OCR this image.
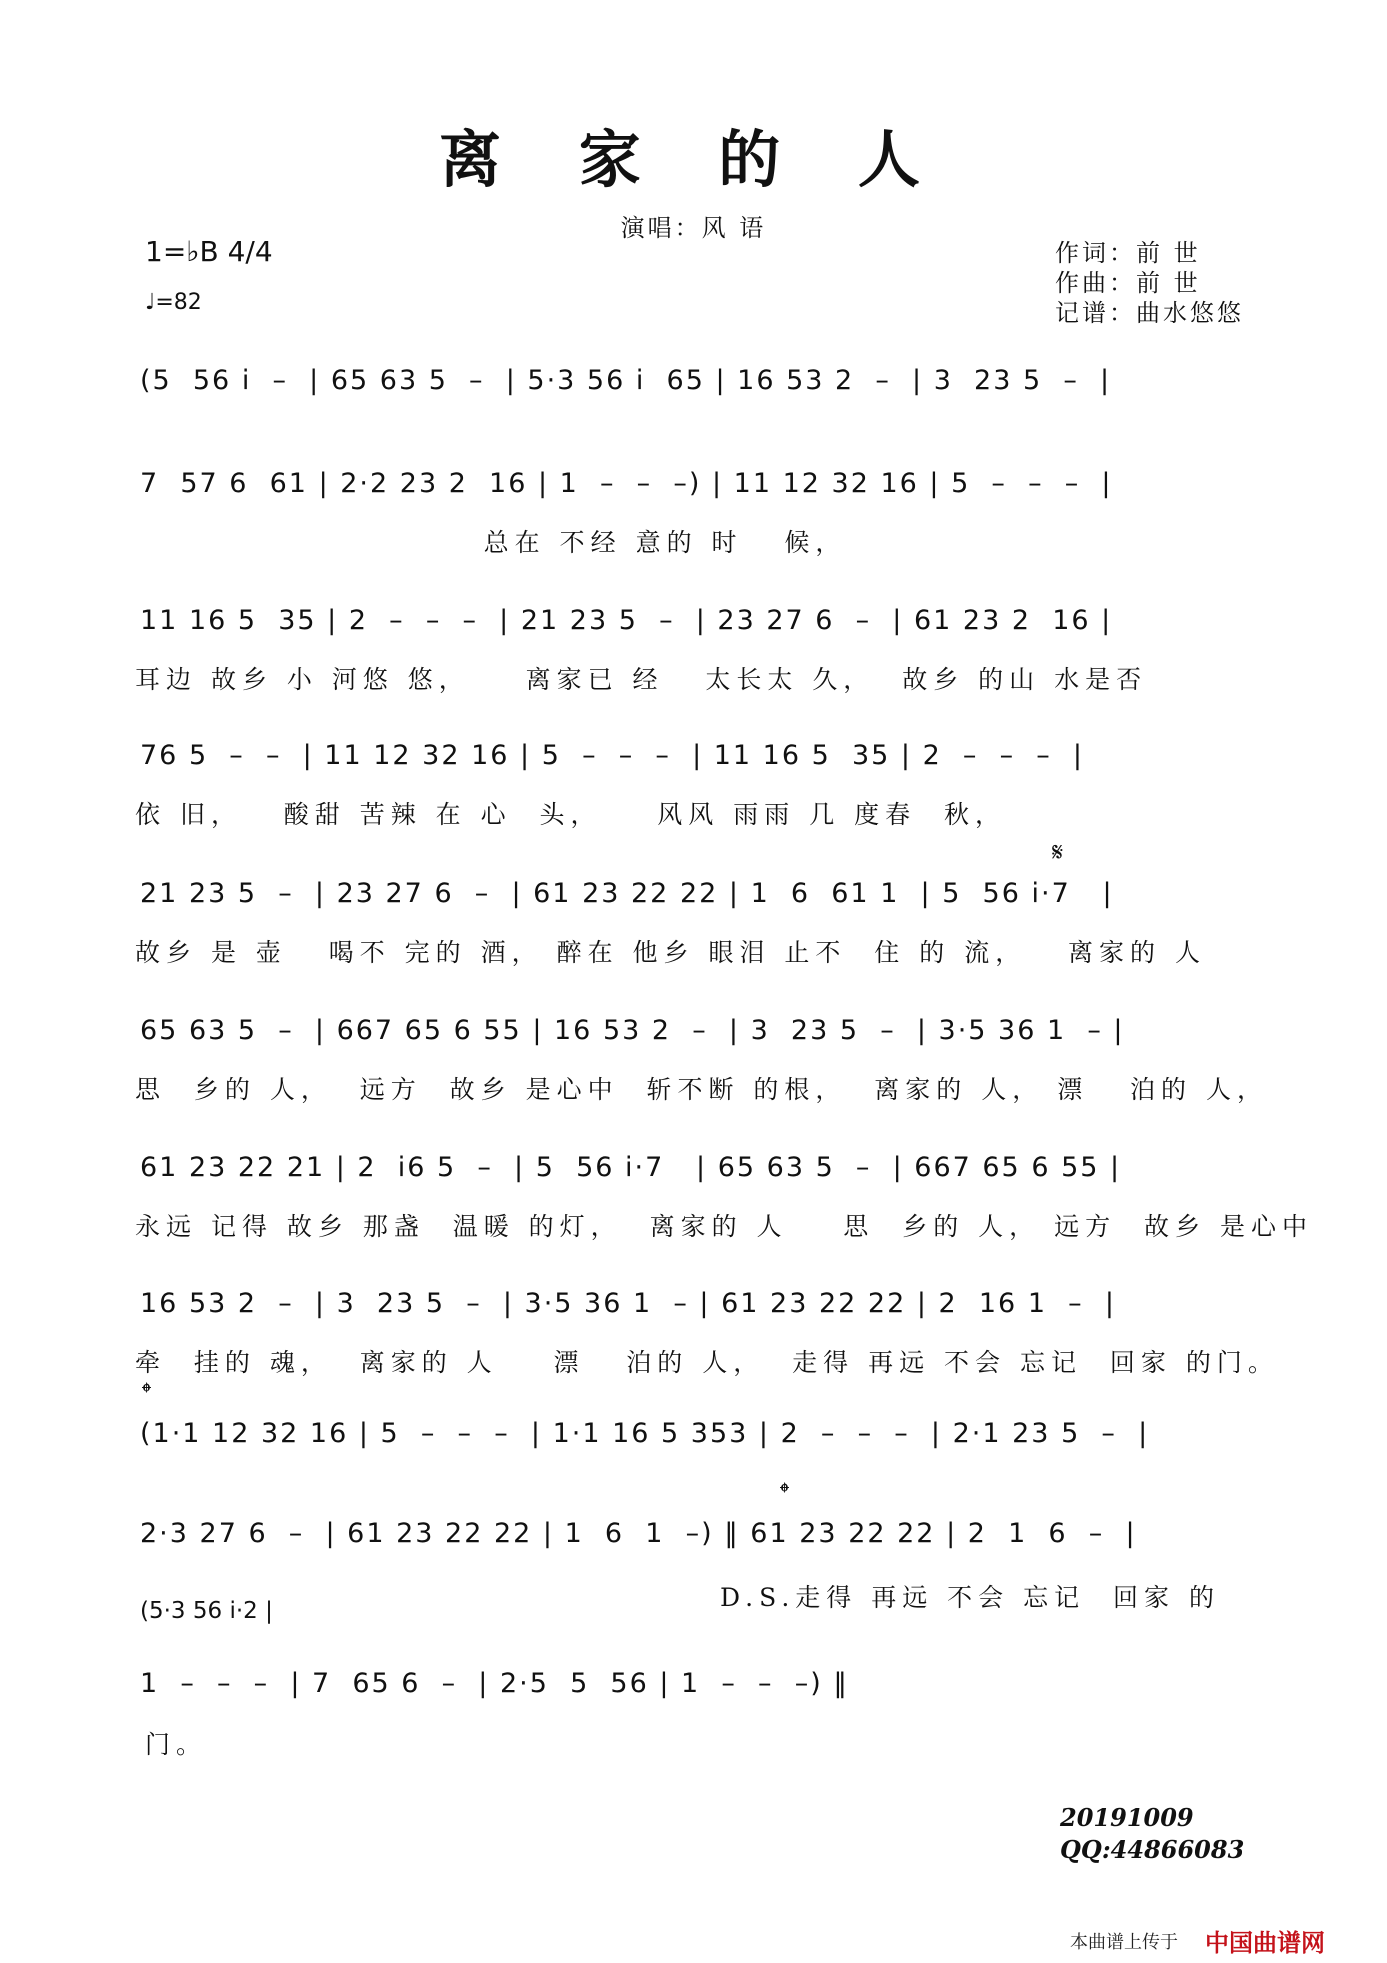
离 家 的 人
演唱：风 语
1=♭B 4/4
♩=82
作词：前 世
作曲：前 世
记谱：曲水悠悠
(5  56 i  –  | 65 63 5  –  | 5·3 56 i  65 | 16 53 2  –  | 3  23 5  –  |
7  57 6  61 | 2·2 23 2  16 | 1  –  –  –) | 11 12 32 16 | 5  –  –  –  |
总在 不经 意的 时   候，
11 16 5  35 | 2  –  –  –  | 21 23 5  –  | 23 27 6  –  | 61 23 2  16 |
耳边 故乡 小 河悠 悠，    离家已 经   太长太 久，  故乡 的山 水是否
76 5  –  –  | 11 12 32 16 | 5  –  –  –  | 11 16 5  35 | 2  –  –  –  |
依 旧，   酸甜 苦辣 在 心  头，    风风 雨雨 几 度春  秋，
𝄋
21 23 5  –  | 23 27 6  –  | 61 23 22 22 | 1  6  61 1  | 5  56 i·7   |
故乡 是 壶   喝不 完的 酒， 醉在 他乡 眼泪 止不  住 的 流，   离家的 人
65 63 5  –  | 667 65 6 55 | 16 53 2  –  | 3  23 5  –  | 3·5 36 1  – |
思  乡的 人，  远方  故乡 是心中  斩不断 的根，  离家的 人， 漂   泊的 人，
61 23 22 21 | 2  i6 5  –  | 5  56 i·7   | 65 63 5  –  | 667 65 6 55 |
永远 记得 故乡 那盏  温暖 的灯，  离家的 人    思  乡的 人， 远方  故乡 是心中
16 53 2  –  | 3  23 5  –  | 3·5 36 1  – | 61 23 22 22 | 2  16 1  –  |
牵  挂的 魂，  离家的 人    漂   泊的 人，  走得 再远 不会 忘记  回家 的门。
𝄌
(1·1 12 32 16 | 5  –  –  –  | 1·1 16 5 353 | 2  –  –  –  | 2·1 23 5  –  |
𝄌
2·3 27 6  –  | 61 23 22 22 | 1  6  1  –) ‖ 61 23 22 22 | 2  1  6  –  |
D.S.走得 再远 不会 忘记  回家 的
(5·3 56 i·2 |
1  –  –  –  | 7  65 6  –  | 2·5  5  56 | 1  –  –  –) ‖
门。
20191009
QQ:44866083
本曲谱上传于 中国曲谱网
